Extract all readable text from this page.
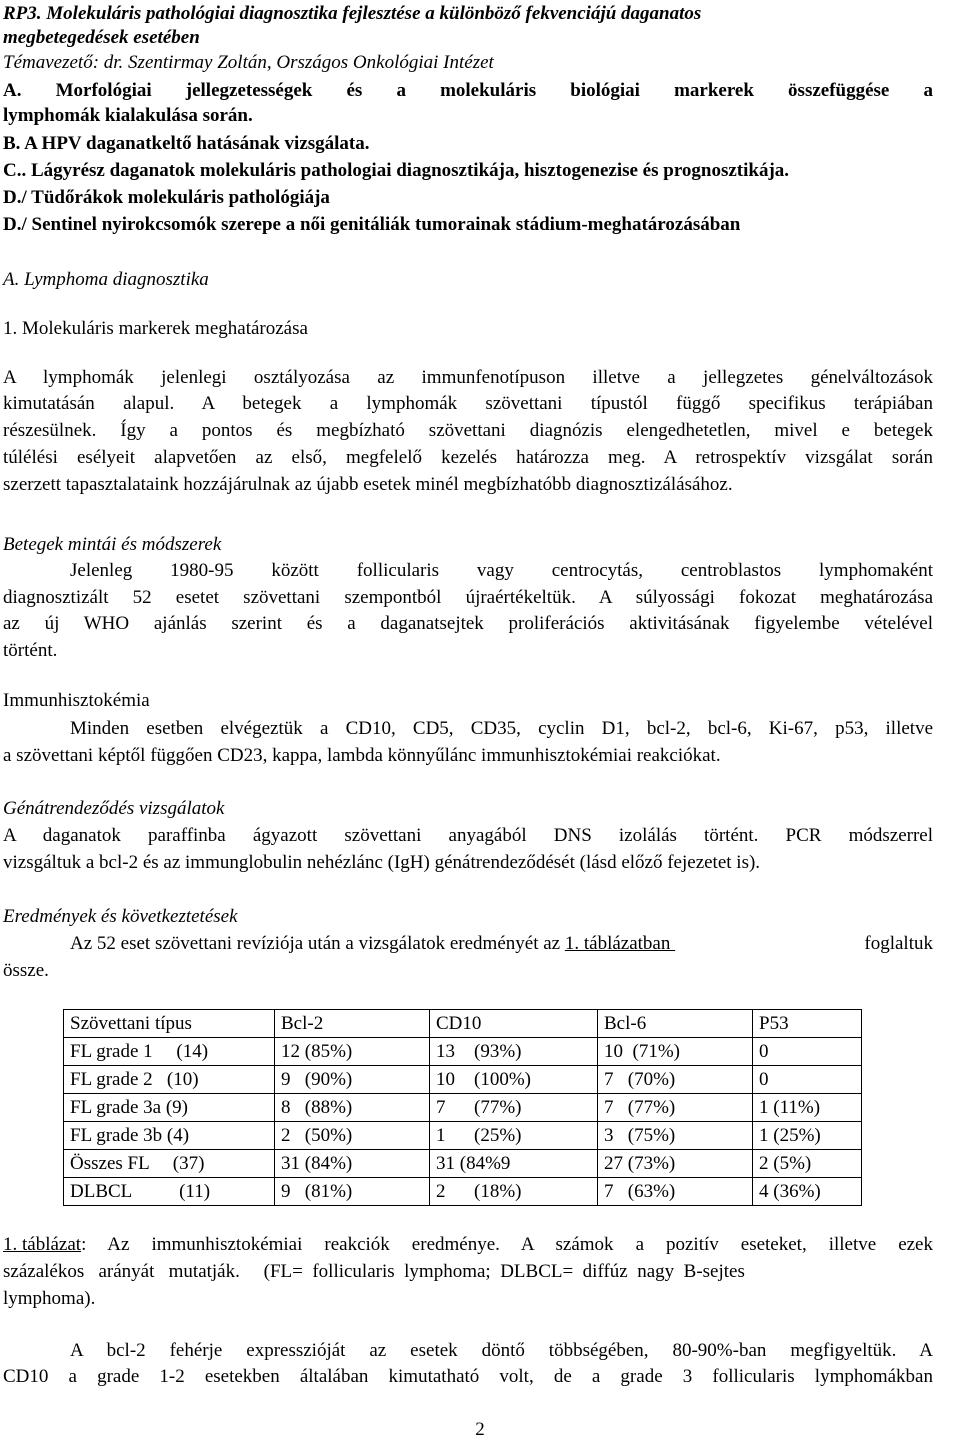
RP3. Molekuláris pathológiai diagnosztika fejlesztése a különböző fekvenciájú daganatos
megbetegedések esetében
Témavezető: dr. Szentirmay Zoltán, Országos Onkológiai Intézet
A. Morfológiai jellegzetességek és a molekuláris biológiai markerek összefüggése a
lymphomák kialakulása során.
B. A HPV daganatkeltő hatásának vizsgálata.
C.. Lágyrész daganatok molekuláris pathologiai diagnosztikája, hisztogenezise és prognosztikája.
D./ Tüdőrákok molekuláris pathológiája
D./ Sentinel nyirokcsomók szerepe a női genitáliák tumorainak stádium-meghatározásában
A. Lymphoma diagnosztika
1. Molekuláris markerek meghatározása
A lymphomák jelenlegi osztályozása az immunfenotípuson illetve a jellegzetes génelváltozások
kimutatásán alapul. A betegek a lymphomák szövettani típustól függő specifikus terápiában
részesülnek. Így a pontos és megbízható szövettani diagnózis elengedhetetlen, mivel e betegek
túlélési esélyeit alapvetően az első, megfelelő kezelés határozza meg. A retrospektív vizsgálat során
szerzett tapasztalataink hozzájárulnak az újabb esetek minél megbízhatóbb diagnosztizálásához.
Betegek mintái és módszerek
Jelenleg 1980-95 között follicularis vagy centrocytás, centroblastos lymphomaként
diagnosztizált 52 esetet szövettani szempontból újraértékeltük. A súlyossági fokozat meghatározása
az új WHO ajánlás szerint és a daganatsejtek proliferációs aktivitásának figyelembe vételével
történt.
Immunhisztokémia
Minden esetben elvégeztük a CD10, CD5, CD35, cyclin D1, bcl-2, bcl-6, Ki-67, p53, illetve
a szövettani képtől függően CD23, kappa, lambda könnyűlánc immunhisztokémiai reakciókat.
Génátrendeződés vizsgálatok
A daganatok paraffinba ágyazott szövettani anyagából DNS izolálás történt. PCR módszerrel
vizsgáltuk a bcl-2 és az immunglobulin nehézlánc (IgH) génátrendeződését (lásd előző fejezetet is).
Eredmények és következtetések
Az 52 eset szövettani revíziója után a vizsgálatok eredményét az 1. táblázatban	foglaltuk
össze.
Szövettani típus	Bcl-2	CD10	Bcl-6	P53
FL grade 1     (14)	12 (85%)	13    (93%)	10  (71%)	0
FL grade 2   (10)	9   (90%)	10    (100%)	7   (70%)	0
FL grade 3a (9)	8   (88%)	7      (77%)	7   (77%)	1 (11%)
FL grade 3b (4)	2   (50%)	1      (25%)	3   (75%)	1 (25%)
Összes FL     (37)	31 (84%)	31 (84%9	27 (73%)	2 (5%)
DLBCL          (11)	9   (81%)	2      (18%)	7   (63%)	4 (36%)
1. táblázat : Az immunhisztokémiai reakciók eredménye. A számok a pozitív eseteket, illetve ezek
százalékos   arányát   mutatják.     (FL=  follicularis  lymphoma;  DLBCL=  diffúz  nagy  B-sejtes
lymphoma).
A bcl-2 fehérje expresszióját az esetek döntő többségében, 80-90%-ban megfigyeltük. A
CD10 a grade 1-2 esetekben általában kimutatható volt, de a grade 3 follicularis lymphomákban
2
